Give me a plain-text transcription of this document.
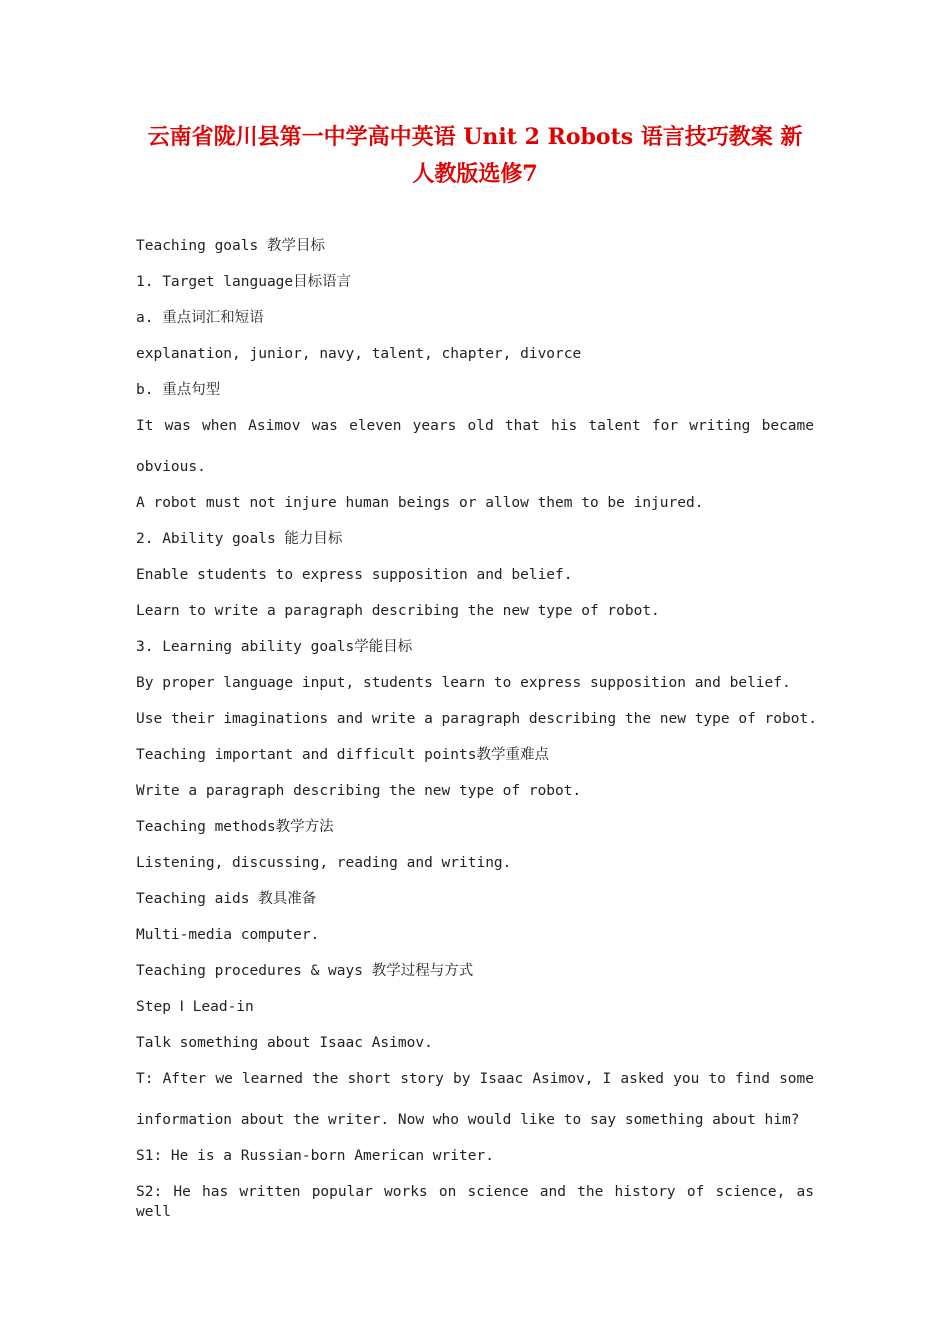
云南省陇川县第一中学高中英语 Unit 2 Robots 语言技巧教案 新
人教版选修7
Teaching goals 教学目标
1. Target language目标语言
a. 重点词汇和短语
explanation, junior, navy, talent, chapter, divorce
b. 重点句型
It was when Asimov was eleven years old that his talent for writing became
obvious.
A robot must not injure human beings or allow them to be injured.
2. Ability goals 能力目标
Enable students to express supposition and belief.
Learn to write a paragraph describing the new type of robot.
3. Learning ability goals学能目标
By proper language input, students learn to express supposition and belief.
Use their imaginations and write a paragraph describing the new type of robot.
Teaching important and difficult points教学重难点
Write a paragraph describing the new type of robot.
Teaching methods教学方法
Listening, discussing, reading and writing.
Teaching aids 教具准备
Multi-media computer.
Teaching procedures & ways 教学过程与方式
Step Ⅰ Lead-in
Talk something about Isaac Asimov.
T: After we learned the short story by Isaac Asimov, I asked you to find some
information about the writer. Now who would like to say something about him?
S1: He is a Russian-born American writer.
S2: He has written popular works on science and the history of science, as well
